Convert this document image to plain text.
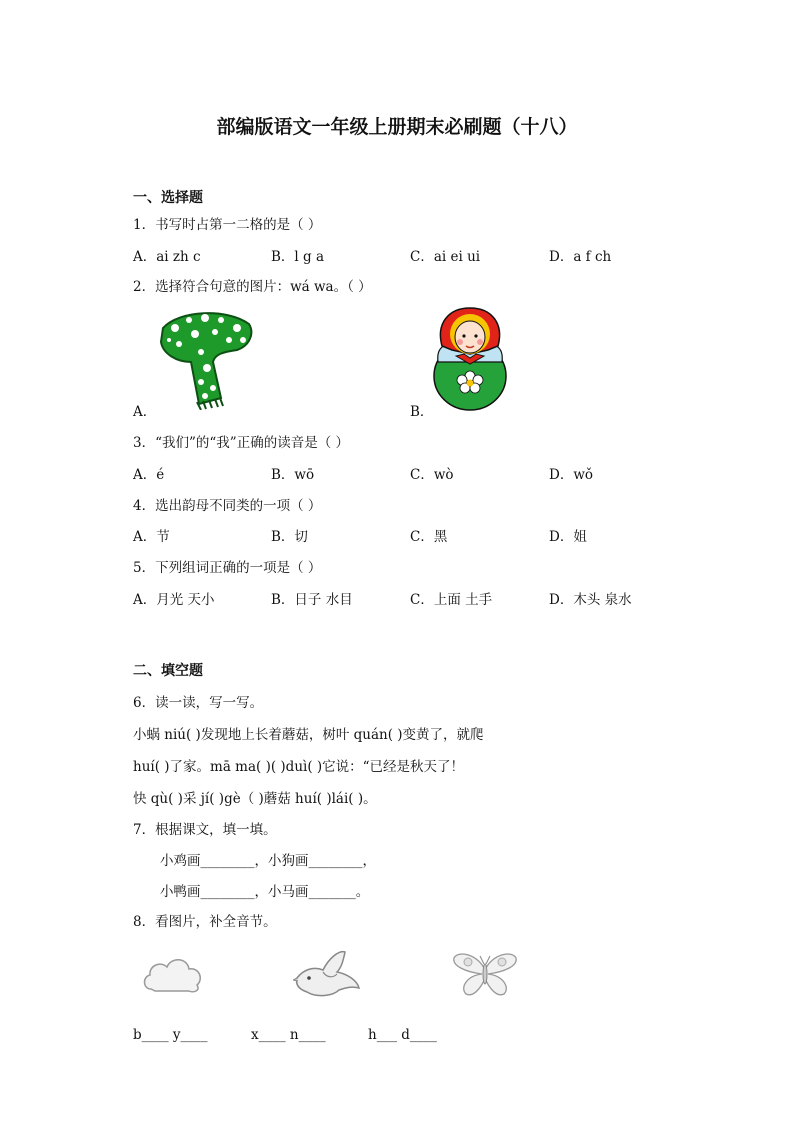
部编版语文一年级上册期末必刷题（十八）
一、选择题
1．书写时占第一二格的是（ ）
A．ai zh c	B．l g a	C．ai ei ui	D．a f ch
2．选择符合句意的图片：wá wa。（ ）
A．	B．
3．“我们”的“我”正确的读音是（ ）
A．é	B．wō	C．wò	D．wǒ
4．选出韵母不同类的一项（ ）
A．节	B．切	C．黑	D．姐
5．下列组词正确的一项是（ ）
A．月光 天小	B．日子 水目	C．上面 土手	D．木头 泉水
二、填空题
6．读一读，写一写。
小蜗 niú( )发现地上长着蘑菇，树叶 quán( )变黄了，就爬
huí( )了家。mā ma( )( )duì( )它说：“已经是秋天了！
快 qù( )采 jí( )gè（ )蘑菇 huí( )lái( )。
7．根据课文，填一填。
小鸡画________，小狗画________，
小鸭画________，小马画_______。
8．看图片，补全音节。
b____ y____	x____ n____	h___ d____
